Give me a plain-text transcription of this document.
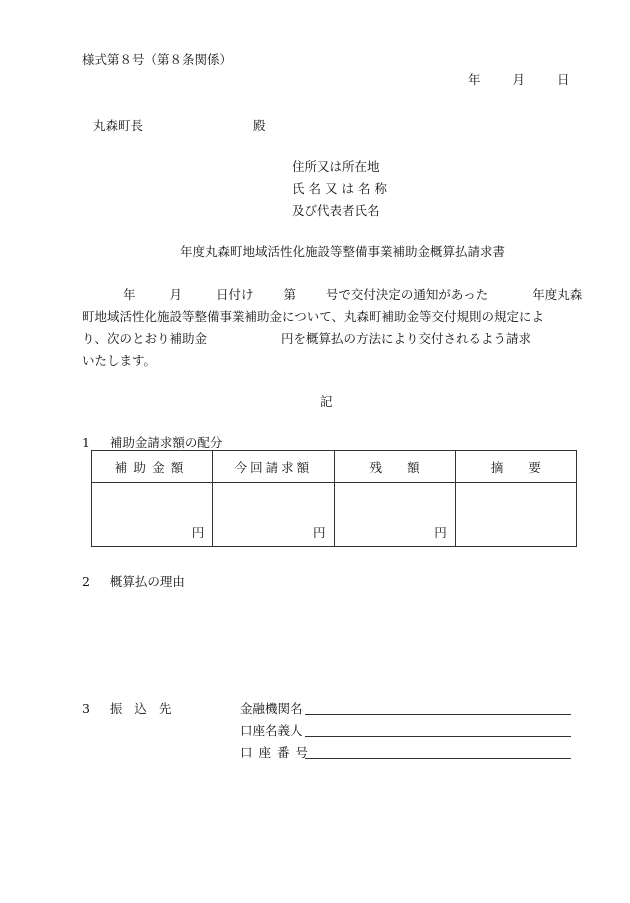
様式第８号（第８条関係）
年	月	日
丸森町長	殿
住所又は所在地
氏名又は名称
及び代表者氏名
年度丸森町地域活性化施設等整備事業補助金概算払請求書
年	月	日付け 第 号で交付決定の通知があった	年度丸森
町地域活性化施設等整備事業補助金について、丸森町補助金等交付規則の規定によ
り、次のとおり補助金	円を概算払の方法により交付されるよう請求
いたします。
記
1 補助金請求額の配分
補助金額	今回請求額	残　　額	摘　　要
円	円	円	
2 概算払の理由
3 振込先	金融機関名
口座名義人
口座番号
